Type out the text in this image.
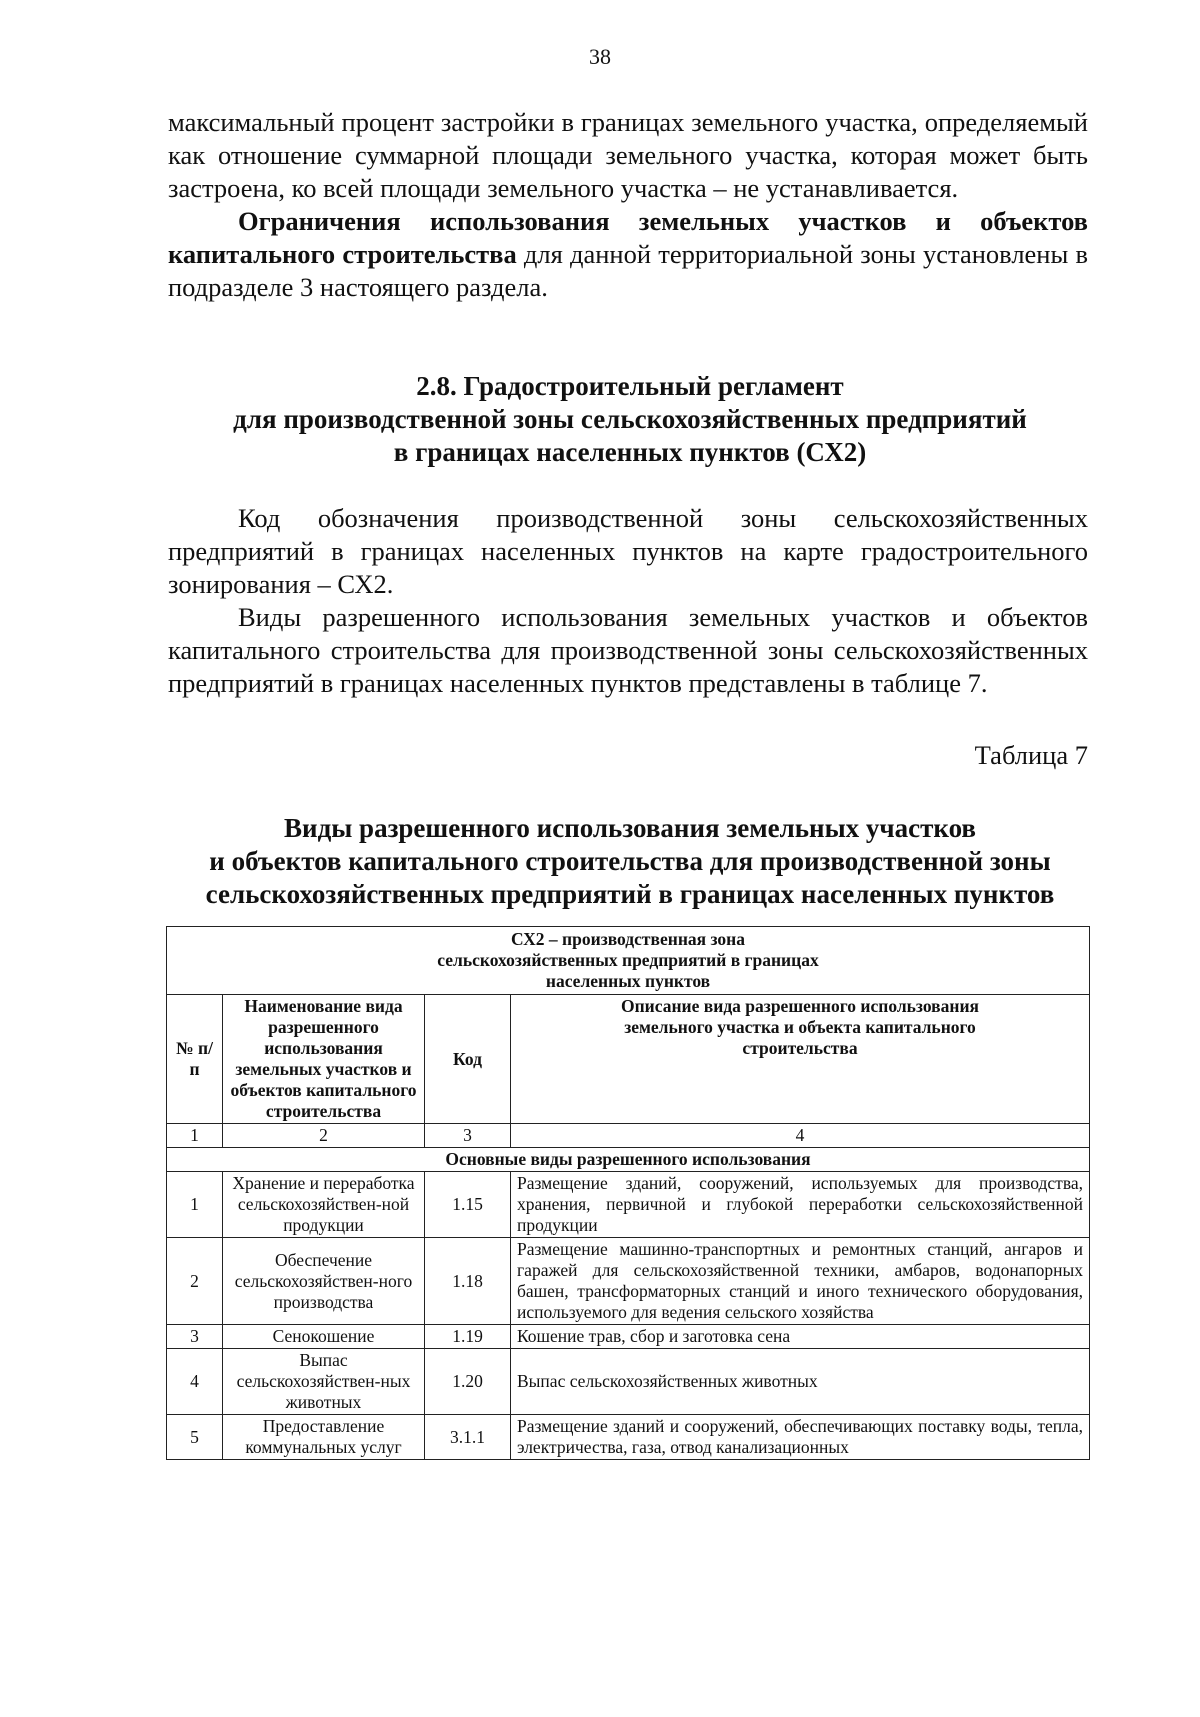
38

максимальный процент застройки в границах земельного участка, определяемый как отношение суммарной площади земельного участка, которая может быть застроена, ко всей площади земельного участка – не устанавливается.

Ограничения использования земельных участков и объектов капитального строительства для данной территориальной зоны установлены в подразделе 3 настоящего раздела.

2.8. Градостроительный регламент
для производственной зоны сельскохозяйственных предприятий
в границах населенных пунктов (СХ2)

Код обозначения производственной зоны сельскохозяйственных предприятий в границах населенных пунктов на карте градостроительного зонирования – СХ2.

Виды разрешенного использования земельных участков и объектов капитального строительства для производственной зоны сельскохозяйственных предприятий в границах населенных пунктов представлены в таблице 7.

Таблица 7
Виды разрешенного использования земельных участков
и объектов капитального строительства для производственной зоны
сельскохозяйственных предприятий в границах населенных пунктов
СХ2 – производственная зона сельскохозяйственных предприятий в границах населенных пунктов			
№ п/п	Наименование вида разрешенного использования земельных участков и объектов капитального строительства	Код	Описание вида разрешенного использования земельного участка и объекта капитального строительства
1	2	3	4
Основные виды разрешенного использования			
1	Хранение и переработка сельскохозяйствен-ной продукции	1.15	Размещение зданий, сооружений, используемых для производства, хранения, первичной и глубокой переработки сельскохозяйственной продукции
2	Обеспечение сельскохозяйствен-ного производства	1.18	Размещение машинно-транспортных и ремонтных станций, ангаров и гаражей для сельскохозяйственной техники, амбаров, водонапорных башен, трансформаторных станций и иного технического оборудования, используемого для ведения сельского хозяйства
3	Сенокошение	1.19	Кошение трав, сбор и заготовка сена
4	Выпас сельскохозяйствен-ных животных	1.20	Выпас сельскохозяйственных животных
5	Предоставление коммунальных услуг	3.1.1	Размещение зданий и сооружений, обеспечивающих поставку воды, тепла, электричества, газа, отвод канализационных
